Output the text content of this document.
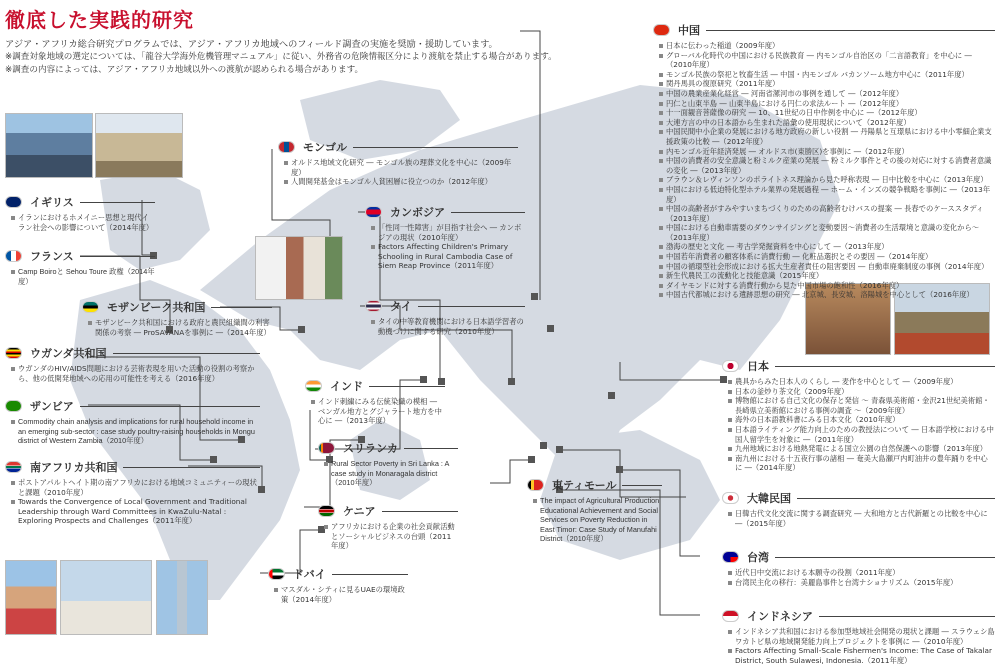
徹底した実践的研究
アジア・アフリカ総合研究プログラムでは、アジア・アフリカ地域へのフィールド調査の実施を奨励・援助しています。
※調査対象地域の選定については、「龍谷大学海外危機管理マニュアル」に従い、外務省の危険情報区分により渡航を禁止する場合があります。
※調査の内容によっては、アジア・アフリカ地域以外への渡航が認められる場合があります。
中国
日本に伝わった稲道（2009年度）
グローバル化時代の中国における民族教育 ― 内モンゴル自治区の「二言語教育」を中心に ―（2010年度）
モンゴル民族の祭祀と牧畜生活 ― 中国・内モンゴル バカンソーム地方中心に（2011年度）
関丹馬具の復原研究（2011年度）
中国の農業産業化経営 ― 河南省漯河市の事例を通して ―（2012年度）
円仁と山東半島 ― 山東半島における円仁の求法ルート ―（2012年度）
十一面観音菩薩像の研究 ― 10、11世紀の日中作例を中心に ―（2012年度）
大連方言の中の日本語から生まれた語彙の使用現状について（2012年度）
中国民間中小企業の発展における地方政府の新しい役割 ― 丹陽県と互璟県における中小零細企業支援政策の比較 ―（2012年度）
内モンゴル近年経済発展 ― オルドス市(東勝区)を事例に ―（2012年度）
中国の消費者の安全意識と粉ミルク産業の発展 ― 粉ミルク事件とその後の対応に対する消費者意識の変化 ―（2013年度）
ブラウン＆レヴィンソンのポライトネス理論から見た呼称表現 ― 日中比較を中心に（2013年度）
中国における低迫特化型ホテル業界の発展過程 ― ホーム・インズの競争戦略を事例に ―（2013年度）
中国の高齢者がすみやすいまちづくりのための高齢者むけバスの提案 ― 長春でのケーススタディ（2013年度）
中国における自動車需要のダウンサイジングと変動要因～消費者の生活環境と意識の変化から～（2013年度）
渤海の歴史と文化 ― 考古学発掘資料を中心にして ―（2013年度）
中国若年消費者の顧客体系に消費行動 ― 化粧品選択とその要因 ―（2014年度）
中国の循環型社会形成における拡大生産者責任の阻害要因 ― 自動車廃棄制度の事例（2014年度）
新生代農民工の流動化と技能意識（2015年度）
ダイヤモンドに対する消費行動から見た中国市場の飽和性（2016年度）
中国古代都城における遺跡思想の研究 ― 北京城、長安城、洛陽城を中心として（2016年度）
モンゴル
オルドス地域文化研究 ― モンゴル族の理葬文化を中心に（2009年度）
人間開発基金はモンゴル人貧困層に役立つのか（2012年度）
カンボジア
「性同一性障害」が目指す社会へ ― カンボジアの現状（2010年度）
Factors Affecting Children's Primary Schooling in Rural Cambodia Case of Siem Reap Province（2011年度）
タイ
タイの中等教育機関における日本語学習者の動機づけに関する研究（2010年度）
イギリス
イランにおけるホメイニー思想と現代イラン社会への影響について（2014年度）
フランス
Camp Boiroと Sehou Toure 政権（2014年度）
モザンビーク共和国
モザンビーク共和国における政府と農民組織間の利害関係の考察 ― ProSAVANAを事例に ―（2014年度）
ウガンダ共和国
ウガンダのHIV/AIDS問題における芸術表現を用いた活動の役割の考察から、他の低開発地域への応用の可能性を考える（2016年度）
ザンビア
Commodity chain analysis and implications for rural household income in an emerging sub-sector : case study poultry-raising households in Mongu district of Western Zambia（2010年度）
南アフリカ共和国
ポストアパルトヘイト期の南アフリカにおける地域コミュニティーの現状と課題（2010年度）
Towards the Convergence of Local Government and Traditional Leadership through Ward Committees in KwaZulu-Natal : Exploring Prospects and Challenges（2011年度）
インド
インド刺繍にみる伝統染織の模相 ― ベンガル地方とグジャラート地方を中心に ―（2013年度）
スリランカ
Rural Sector Poverty in Sri Lanka : A case study in Monaragala district（2010年度）
ケニア
アフリカにおける企業の社会貢献活動とソーシャルビジネスの台頭（2011年度）
ドバイ
マスダル・シティに見るUAEの環境政策（2014年度）
東ティモール
The impact of Agricultural Production Educational Achievement and Social Services on Poverty Reduction in East Timor: Case Study of Manufahi District（2010年度）
日本
農具からみた日本人のくらし ― 麦作を中心として ―（2009年度）
日本の釜炒り茶文化（2009年度）
博物館における自己文化の保存と発信 ～ 青森県美術館・金沢21世紀美術館・長崎県立美術館における事例の調査 ～（2009年度）
海外の日本語教科書にみる日本文化（2010年度）
日本語ライティング能力向上のための教授法について ― 日本語学校における中国人留学生を対象に ―（2011年度）
九州地域における地熱発電による国立公園の自然保護への影響（2013年度）
南九州における十五夜行事の諸相 ― 奄美大島瀬戸内町油井の豊年踊りを中心に ―（2014年度）
大韓民国
日韓古代文化交流に関する調査研究 ― 大和地方と古代新羅との比較を中心に ―（2015年度）
台湾
近代日中交流における本願寺の役割（2011年度）
台湾民主化の移行：美麗島事件と台湾ナショナリズム（2015年度）
インドネシア
インドネシア共和国における参加型地域社会開発の現状と課題 ― スラウェシ島ワカトビ県の地域開発能力向上プロジェクトを事例に ―（2010年度）
Factors Affecting Small-Scale Fishermen's Income: The Case of Takalar District, South Sulawesi, Indonesia.（2011年度）
